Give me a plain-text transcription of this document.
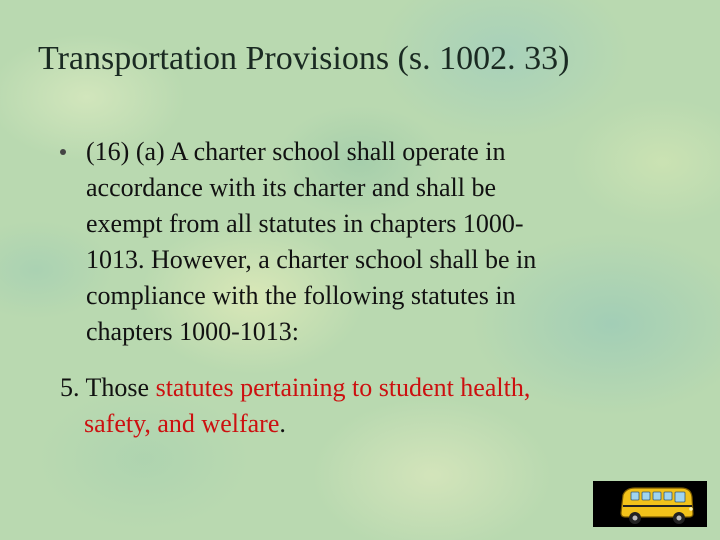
Transportation Provisions (s. 1002. 33)
(16) (a) A charter school shall operate in
accordance with its charter and shall be
exempt from all statutes in chapters 1000-
1013. However, a charter school shall be in
compliance with the following statutes in
chapters 1000-1013:
5. Those statutes pertaining to student health,
safety, and welfare.
